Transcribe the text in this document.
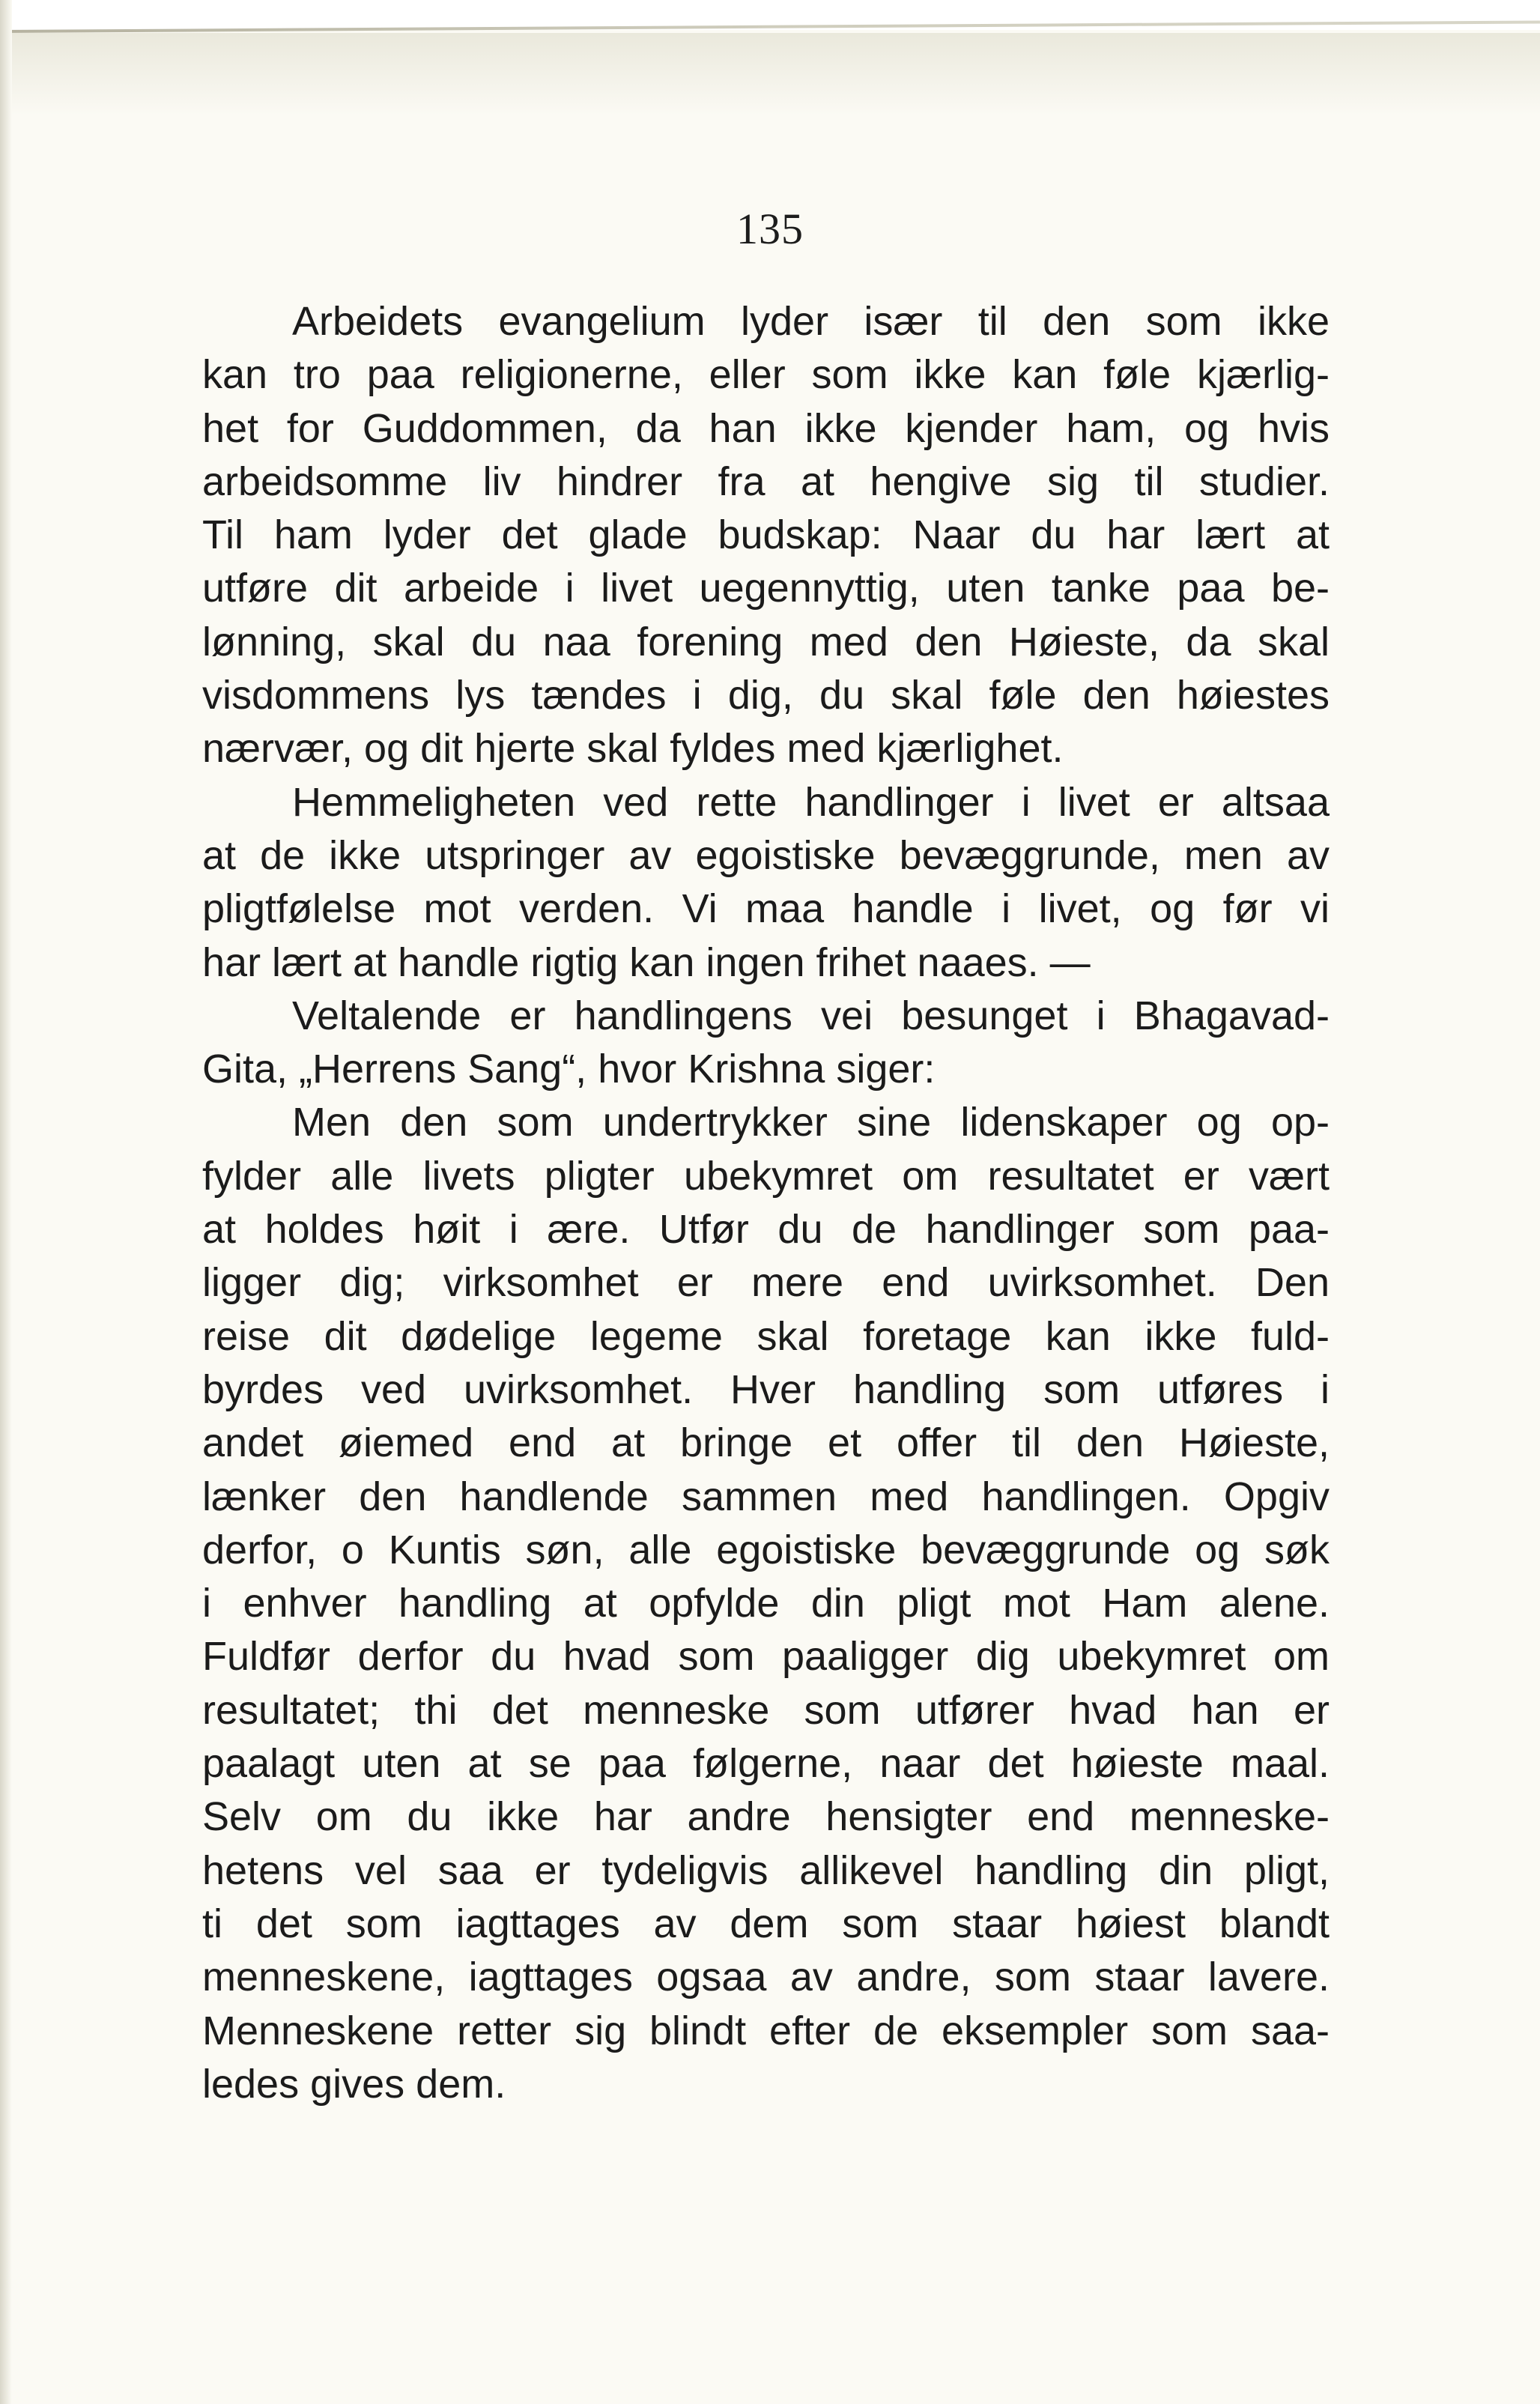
135
Arbeidets evangelium lyder især til den som ikke
kan tro paa religionerne, eller som ikke kan føle kjærlig-
het for Guddommen, da han ikke kjender ham, og hvis
arbeidsomme liv hindrer fra at hengive sig til studier.
Til ham lyder det glade budskap: Naar du har lært at
utføre dit arbeide i livet uegennyttig, uten tanke paa be-
lønning, skal du naa forening med den Høieste, da skal
visdommens lys tændes i dig, du skal føle den høiestes
nærvær, og dit hjerte skal fyldes med kjærlighet.
Hemmeligheten ved rette handlinger i livet er altsaa
at de ikke utspringer av egoistiske bevæggrunde, men av
pligtfølelse mot verden. Vi maa handle i livet, og før vi
har lært at handle rigtig kan ingen frihet naaes. —
Veltalende er handlingens vei besunget i Bhagavad-
Gita, „Herrens Sang“, hvor Krishna siger:
Men den som undertrykker sine lidenskaper og op-
fylder alle livets pligter ubekymret om resultatet er vært
at holdes høit i ære. Utfør du de handlinger som paa-
ligger dig; virksomhet er mere end uvirksomhet. Den
reise dit dødelige legeme skal foretage kan ikke fuld-
byrdes ved uvirksomhet. Hver handling som utføres i
andet øiemed end at bringe et offer til den Høieste,
lænker den handlende sammen med handlingen. Opgiv
derfor, o Kuntis søn, alle egoistiske bevæggrunde og søk
i enhver handling at opfylde din pligt mot Ham alene.
Fuldfør derfor du hvad som paaligger dig ubekymret om
resultatet; thi det menneske som utfører hvad han er
paalagt uten at se paa følgerne, naar det høieste maal.
Selv om du ikke har andre hensigter end menneske-
hetens vel saa er tydeligvis allikevel handling din pligt,
ti det som iagttages av dem som staar høiest blandt
menneskene, iagttages ogsaa av andre, som staar lavere.
Menneskene retter sig blindt efter de eksempler som saa-
ledes gives dem.
